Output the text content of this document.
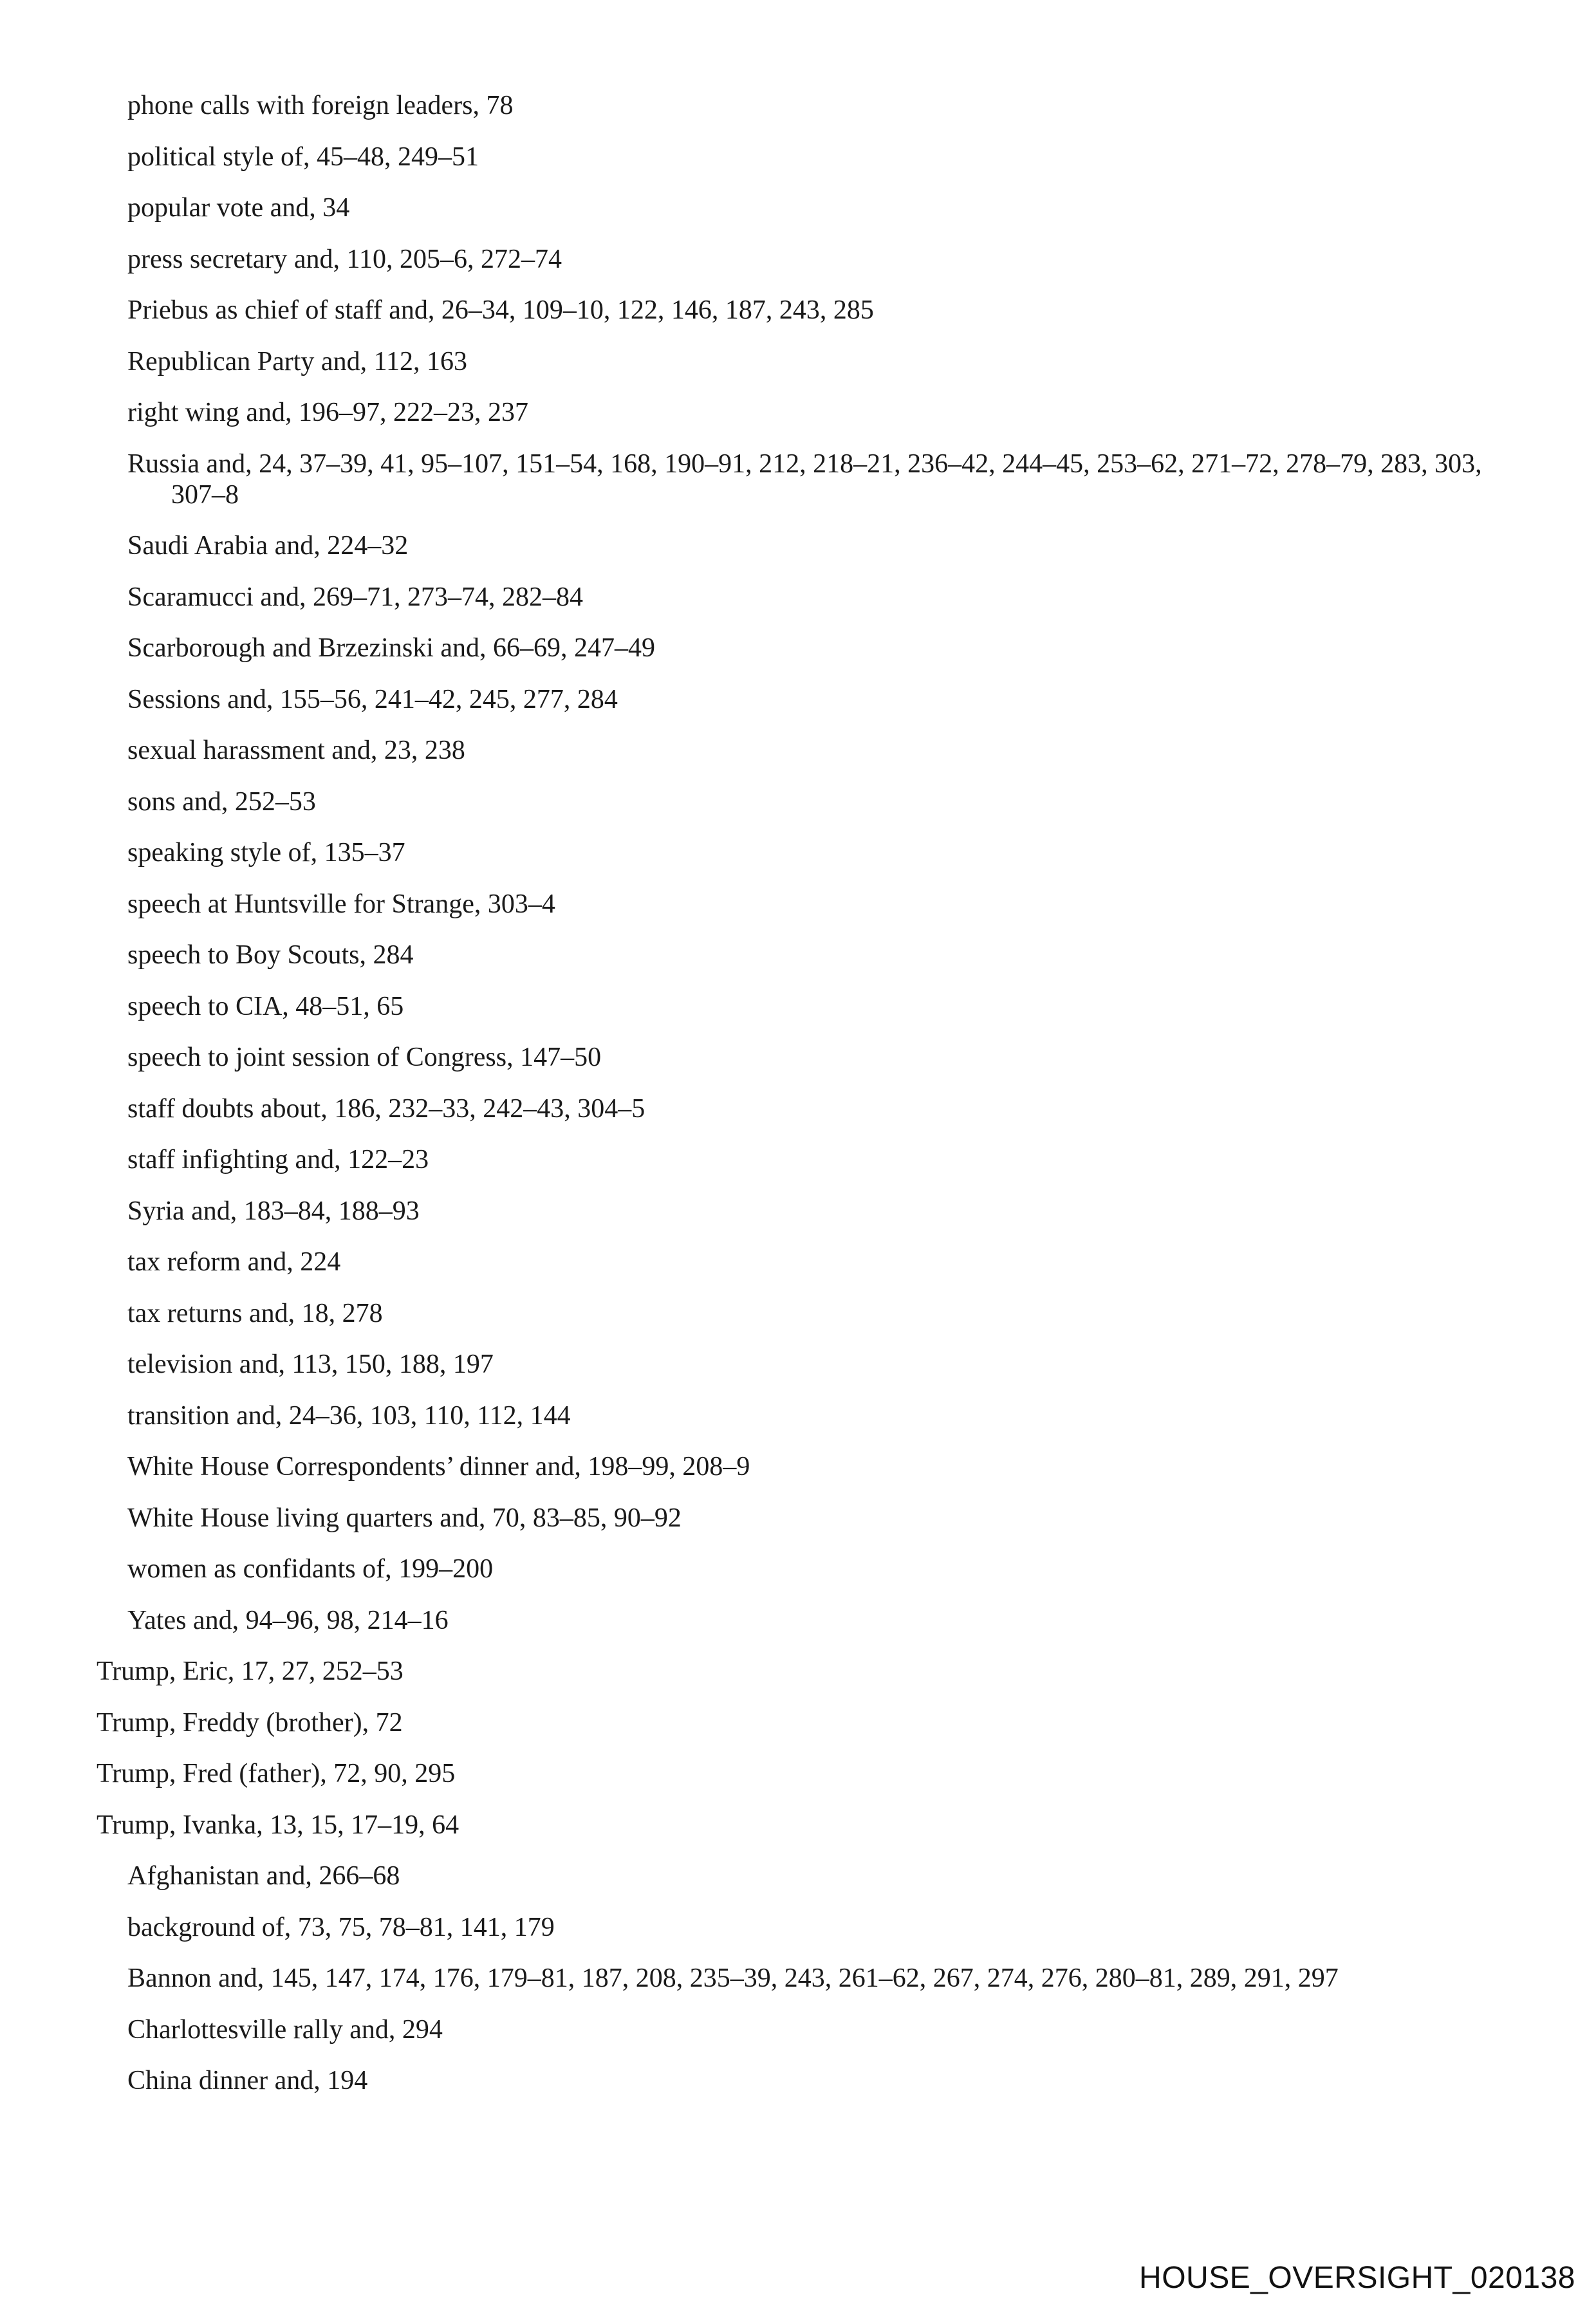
phone calls with foreign leaders, 78
political style of, 45–48, 249–51
popular vote and, 34
press secretary and, 110, 205–6, 272–74
Priebus as chief of staff and, 26–34, 109–10, 122, 146, 187, 243, 285
Republican Party and, 112, 163
right wing and, 196–97, 222–23, 237
Russia and, 24, 37–39, 41, 95–107, 151–54, 168, 190–91, 212, 218–21, 236–42, 244–45, 253–62, 271–72, 278–79, 283, 303, 307–8
Saudi Arabia and, 224–32
Scaramucci and, 269–71, 273–74, 282–84
Scarborough and Brzezinski and, 66–69, 247–49
Sessions and, 155–56, 241–42, 245, 277, 284
sexual harassment and, 23, 238
sons and, 252–53
speaking style of, 135–37
speech at Huntsville for Strange, 303–4
speech to Boy Scouts, 284
speech to CIA, 48–51, 65
speech to joint session of Congress, 147–50
staff doubts about, 186, 232–33, 242–43, 304–5
staff infighting and, 122–23
Syria and, 183–84, 188–93
tax reform and, 224
tax returns and, 18, 278
television and, 113, 150, 188, 197
transition and, 24–36, 103, 110, 112, 144
White House Correspondents’ dinner and, 198–99, 208–9
White House living quarters and, 70, 83–85, 90–92
women as confidants of, 199–200
Yates and, 94–96, 98, 214–16
Trump, Eric, 17, 27, 252–53
Trump, Freddy (brother), 72
Trump, Fred (father), 72, 90, 295
Trump, Ivanka, 13, 15, 17–19, 64
Afghanistan and, 266–68
background of, 73, 75, 78–81, 141, 179
Bannon and, 145, 147, 174, 176, 179–81, 187, 208, 235–39, 243, 261–62, 267, 274, 276, 280–81, 289, 291, 297
Charlottesville rally and, 294
China dinner and, 194
HOUSE_OVERSIGHT_020138
